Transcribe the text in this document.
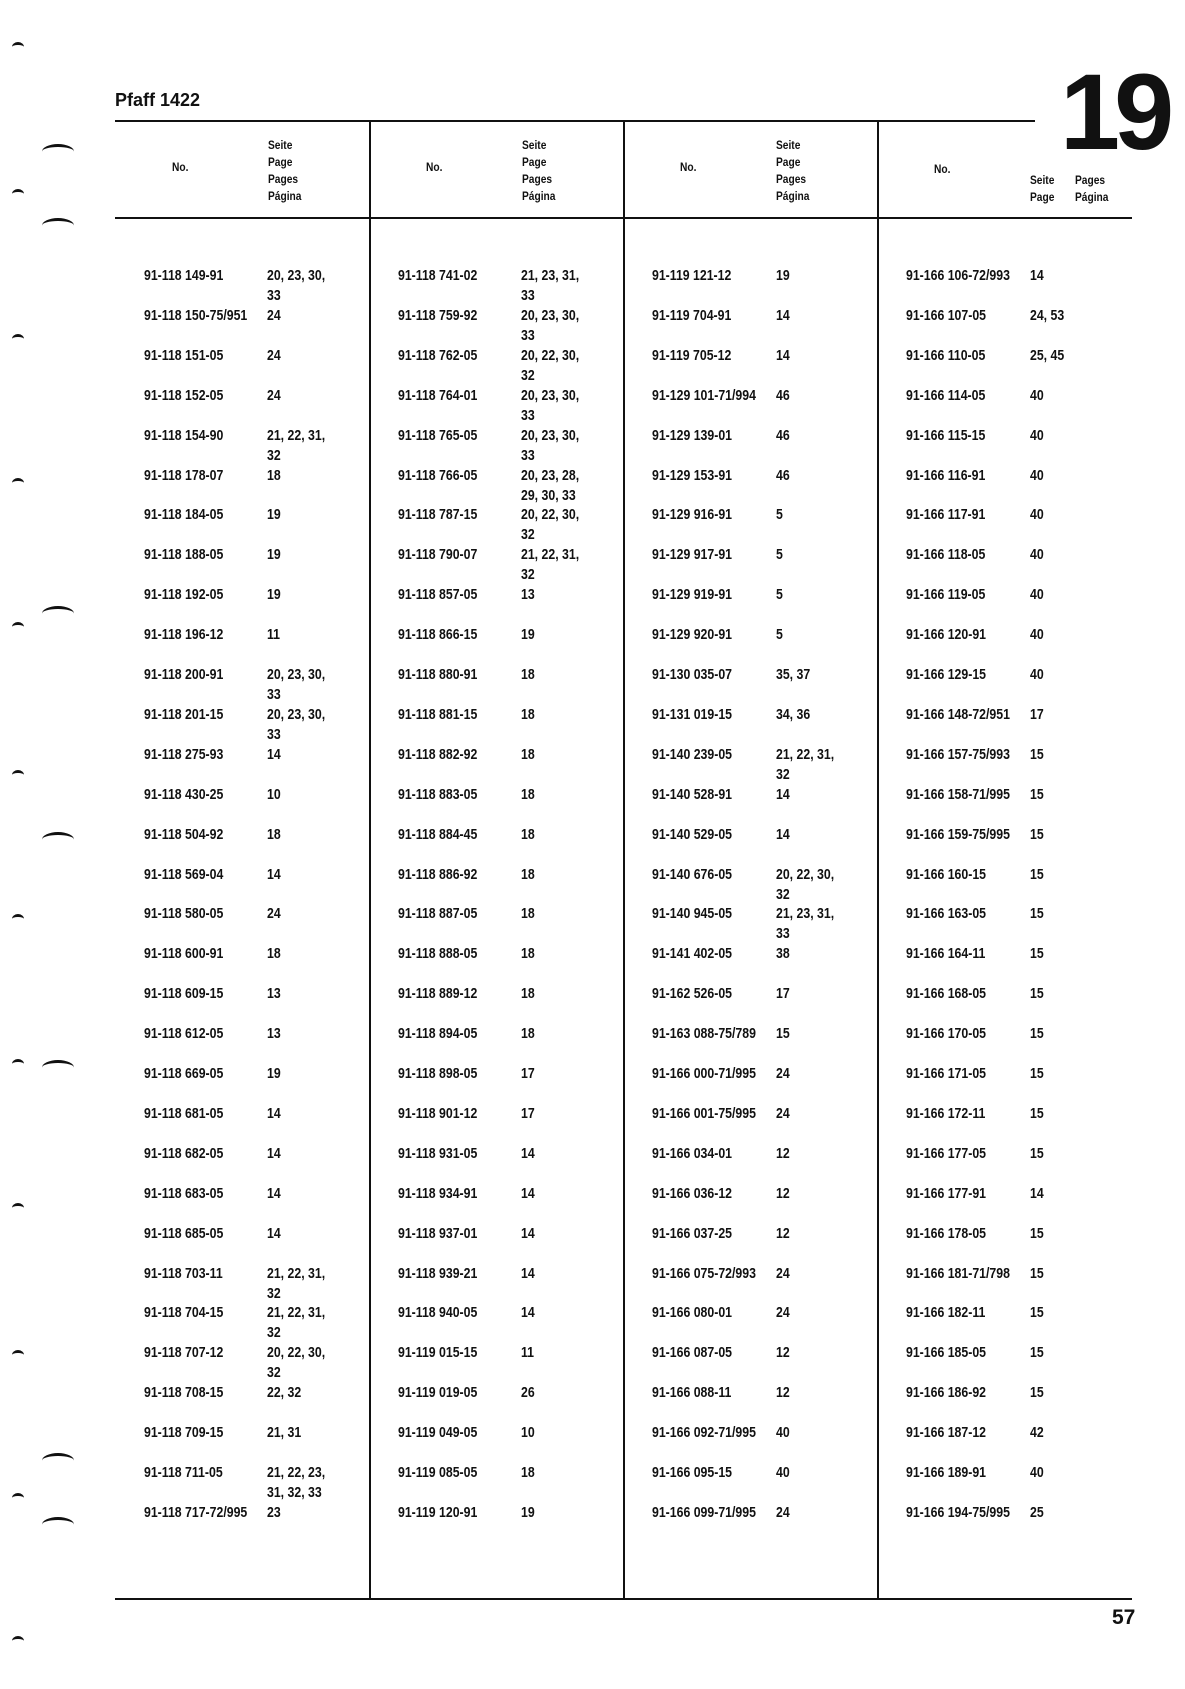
Pfaff 1422	19
No.
Seite
Page
Pages
Página
No.
Seite
Page
Pages
Página
No.
Seite
Page
Pages
Página
No.
Seite
Page
Pages
Página
91-118 149-91	20, 23, 30,
33
91-118 150-75/951 24
91-118 151-05	24
91-118 152-05	24
91-118 154-90	21, 22, 31,
32
91-118 178-07	18
91-118 184-05	19
91-118 188-05	19
91-118 192-05	19
91-118 196-12	11
91-118 200-91	20, 23, 30,
33
91-118 201-15	20, 23, 30,
33
91-118 275-93	14
91-118 430-25	10
91-118 504-92	18
91-118 569-04	14
91-118 580-05	24
91-118 600-91	18
91-118 609-15	13
91-118 612-05	13
91-118 669-05	19
91-118 681-05	14
91-118 682-05	14
91-118 683-05	14
91-118 685-05	14
91-118 703-11	21, 22, 31,
32
91-118 704-15	21, 22, 31,
32
91-118 707-12	20, 22, 30,
32
91-118 708-15	22, 32
91-118 709-15	21, 31
91-118 711-05	21, 22, 23,
31, 32, 33
91-118 717-72/995 23
91-118 741-02	21, 23, 31,
33
91-118 759-92	20, 23, 30,
33
91-118 762-05	20, 22, 30,
32
91-118 764-01	20, 23, 30,
33
91-118 765-05	20, 23, 30,
33
91-118 766-05	20, 23, 28,
29, 30, 33
91-118 787-15	20, 22, 30,
32
91-118 790-07	21, 22, 31,
32
91-118 857-05	13
91-118 866-15	19
91-118 880-91	18
91-118 881-15	18
91-118 882-92	18
91-118 883-05	18
91-118 884-45	18
91-118 886-92	18
91-118 887-05	18
91-118 888-05	18
91-118 889-12	18
91-118 894-05	18
91-118 898-05	17
91-118 901-12	17
91-118 931-05	14
91-118 934-91	14
91-118 937-01	14
91-118 939-21	14
91-118 940-05	14
91-119 015-15	11
91-119 019-05	26
91-119 049-05	10
91-119 085-05	18
91-119 120-91	19
91-119 121-12	19
91-119 704-91	14
91-119 705-12	14
91-129 101-71/994 46
91-129 139-01	46
91-129 153-91	46
91-129 916-91	5
91-129 917-91	5
91-129 919-91	5
91-129 920-91	5
91-130 035-07	35, 37
91-131 019-15	34, 36
91-140 239-05	21, 22, 31,
32
91-140 528-91	14
91-140 529-05	14
91-140 676-05	20, 22, 30,
32
91-140 945-05	21, 23, 31,
33
91-141 402-05	38
91-162 526-05	17
91-163 088-75/789 15
91-166 000-71/995 24
91-166 001-75/995 24
91-166 034-01	12
91-166 036-12	12
91-166 037-25	12
91-166 075-72/993 24
91-166 080-01	24
91-166 087-05	12
91-166 088-11	12
91-166 092-71/995 40
91-166 095-15	40
91-166 099-71/995 24
91-166 106-72/993 14
91-166 107-05	24, 53
91-166 110-05	25, 45
91-166 114-05	40
91-166 115-15	40
91-166 116-91	40
91-166 117-91	40
91-166 118-05	40
91-166 119-05	40
91-166 120-91	40
91-166 129-15	40
91-166 148-72/951 17
91-166 157-75/993 15
91-166 158-71/995 15
91-166 159-75/995 15
91-166 160-15	15
91-166 163-05	15
91-166 164-11	15
91-166 168-05	15
91-166 170-05	15
91-166 171-05	15
91-166 172-11	15
91-166 177-05	15
91-166 177-91	14
91-166 178-05	15
91-166 181-71/798 15
91-166 182-11	15
91-166 185-05	15
91-166 186-92	15
91-166 187-12	42
91-166 189-91	40
91-166 194-75/995 25
57
